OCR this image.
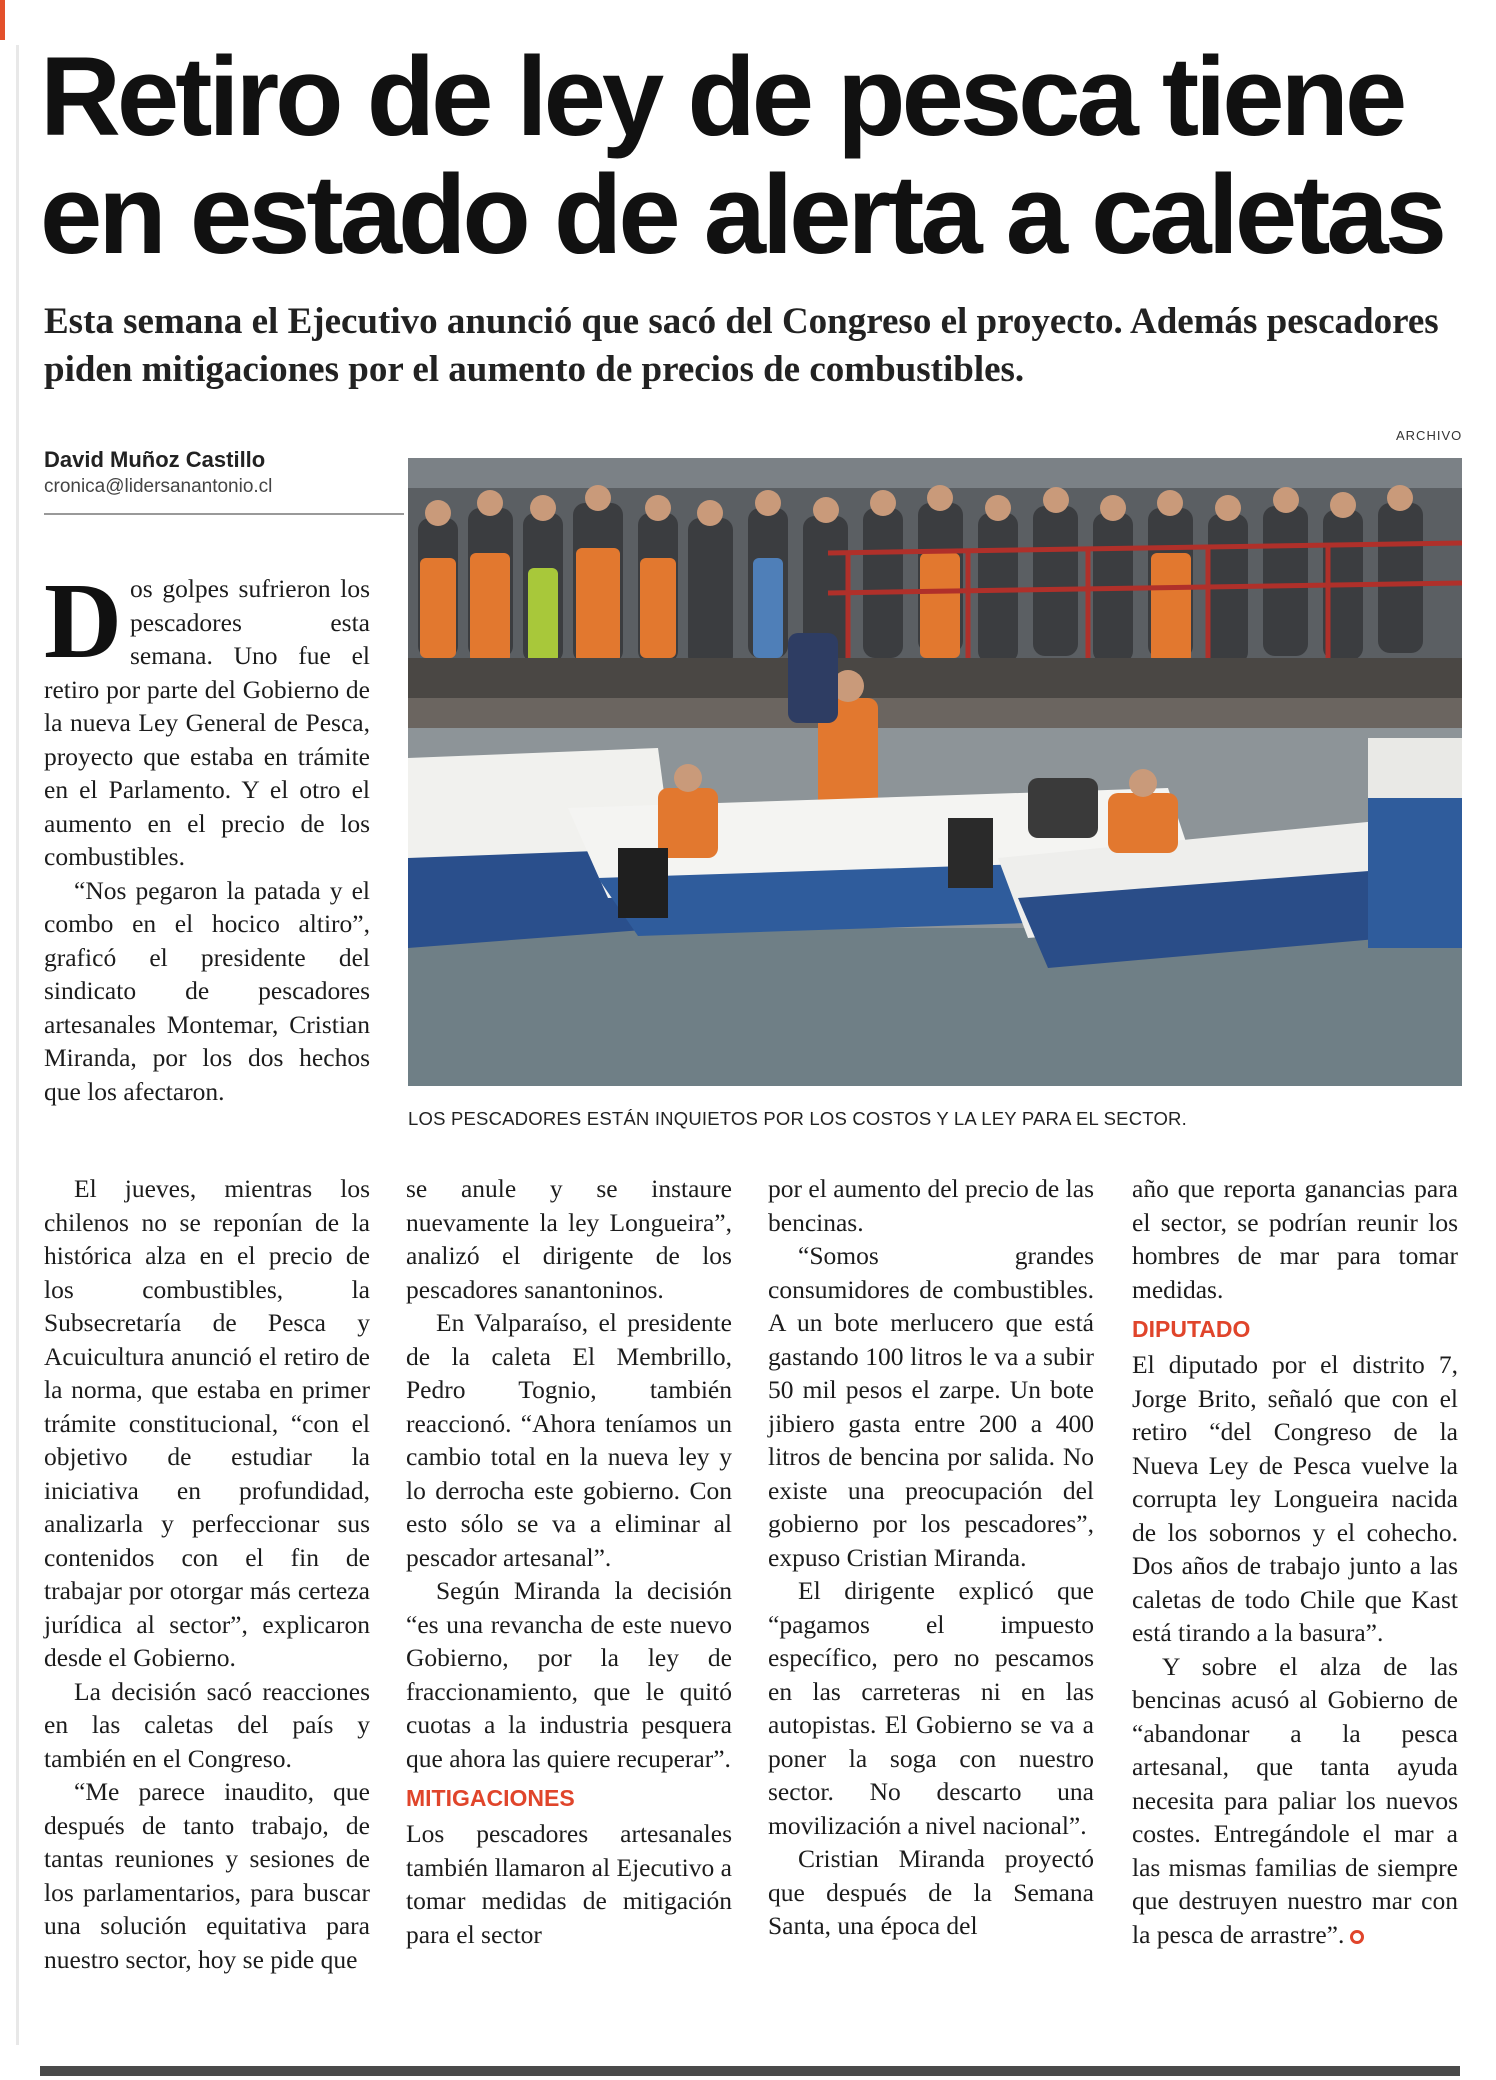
Retiro de ley de pesca tiene
en estado de alerta a caletas
Esta semana el Ejecutivo anunció que sacó del Congreso el proyecto. Además pescadores piden mitigaciones por el aumento de precios de combustibles.
David Muñoz Castillo
cronica@lidersanantonio.cl
ARCHIVO
LOS PESCADORES ESTÁN INQUIETOS POR LOS COSTOS Y LA LEY PARA EL SECTOR.

Dos golpes sufrieron los pescadores esta semana. Uno fue el retiro por parte del Gobierno de la nueva Ley General de Pesca, proyecto que estaba en trámite en el Parlamento. Y el otro el aumento en el precio de los combustibles.

“Nos pegaron la patada y el combo en el hocico altiro”, graficó el presidente del sindicato de pescadores artesanales Montemar, Cristian Miranda, por los dos hechos que los afectaron.

El jueves, mientras los chilenos no se reponían de la histórica alza en el precio de los combustibles, la Subsecretaría de Pesca y Acuicultura anunció el retiro de la norma, que estaba en primer trámite constitucional, “con el objetivo de estudiar la iniciativa en profundidad, analizarla y perfeccionar sus contenidos con el fin de trabajar por otorgar más certeza jurídica al sector”, explicaron desde el Gobierno.

La decisión sacó reacciones en las caletas del país y también en el Congreso.

“Me parece inaudito, que después de tanto trabajo, de tantas reuniones y sesiones de los parlamentarios, para buscar una solución equitativa para nuestro sector, hoy se pide que

se anule y se instaure nuevamente la ley Longueira”, analizó el dirigente de los pescadores sanantoninos.

En Valparaíso, el presidente de la caleta El Membrillo, Pedro Tognio, también reaccionó. “Ahora teníamos un cambio total en la nueva ley y lo derrocha este gobierno. Con esto sólo se va a eliminar al pescador artesanal”.

Según Miranda la decisión “es una revancha de este nuevo Gobierno, por la ley de fraccionamiento, que le quitó cuotas a la industria pesquera que ahora las quiere recuperar”.

MITIGACIONES

Los pescadores artesanales también llamaron al Ejecutivo a tomar medidas de mitigación para el sector

por el aumento del precio de las bencinas.

“Somos grandes consumidores de combustibles. A un bote merlucero que está gastando 100 litros le va a subir 50 mil pesos el zarpe. Un bote jibiero gasta entre 200 a 400 litros de bencina por salida. No existe una preocupación del gobierno por los pescadores”, expuso Cristian Miranda.

El dirigente explicó que “pagamos el impuesto específico, pero no pescamos en las carreteras ni en las autopistas. El Gobierno se va a poner la soga con nuestro sector. No descarto una movilización a nivel nacional”.

Cristian Miranda proyectó que después de la Semana Santa, una época del

año que reporta ganancias para el sector, se podrían reunir los hombres de mar para tomar medidas.

DIPUTADO

El diputado por el distrito 7, Jorge Brito, señaló que con el retiro “del Congreso de la Nueva Ley de Pesca vuelve la corrupta ley Longueira nacida de los sobornos y el cohecho. Dos años de trabajo junto a las caletas de todo Chile que Kast está tirando a la basura”.

Y sobre el alza de las bencinas acusó al Gobierno de “abandonar a la pesca artesanal, que tanta ayuda necesita para paliar los nuevos costes. Entregándole el mar a las mismas familias de siempre que destruyen nuestro mar con la pesca de arrastre”.
